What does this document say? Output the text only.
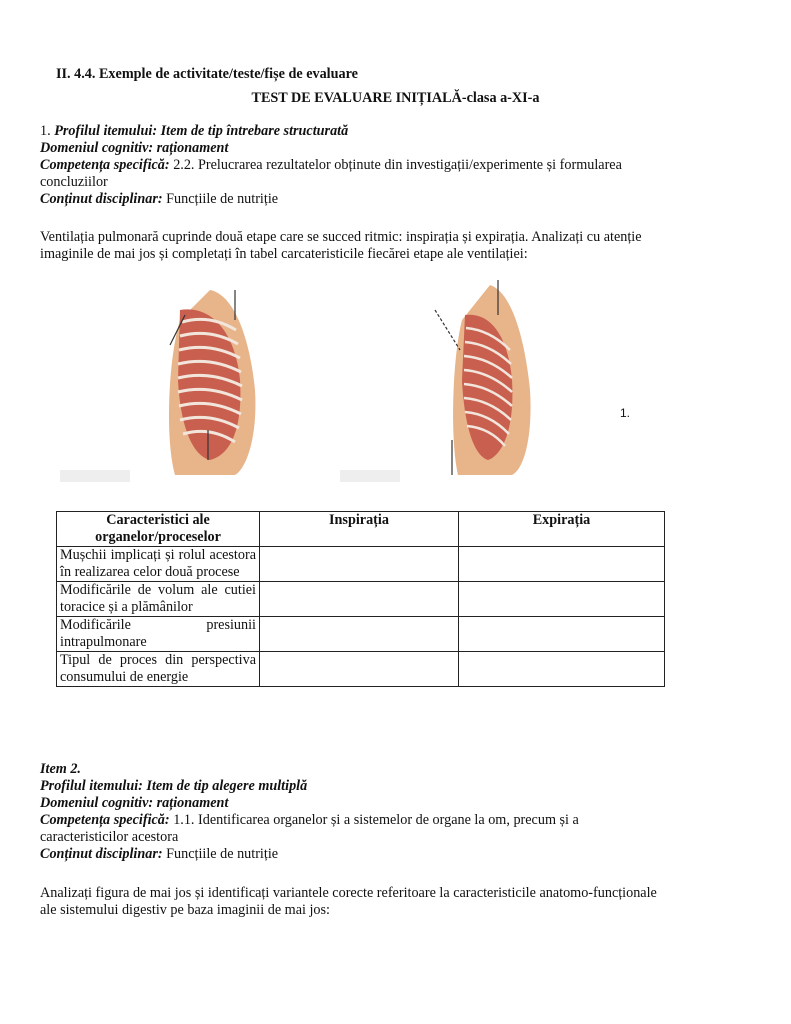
II. 4.4. Exemple de activitate/teste/fișe de evaluare
TEST DE EVALUARE INIȚIALĂ-clasa a-XI-a
1. Profilul itemului: Item de tip întrebare structurată
Domeniul cognitiv: raționament
Competența specifică: 2.2. Prelucrarea rezultatelor obținute din investigații/experimente și formularea
concluziilor
Conținut disciplinar: Funcțiile de nutriție
Ventilația pulmonară cuprinde două etape care se succed ritmic: inspirația și expirația. Analizați cu atenție
imaginile de mai jos și completați în tabel carcateristicile fiecărei etape ale ventilației:
1.
Caracteristici ale organelor/proceselor	Inspirația	Expirația
Mușchii implicați și rolul acestora în realizarea celor două procese		
Modificările de volum ale cutiei toracice și a plămânilor		
Modificările presiunii intrapulmonare		
Tipul de proces din perspectiva consumului de energie		
Item 2.
Profilul itemului: Item de tip alegere multiplă
Domeniul cognitiv: raționament
Competența specifică: 1.1. Identificarea organelor și a sistemelor de organe la om, precum și a
caracteristicilor acestora
Conținut disciplinar: Funcțiile de nutriție
Analizați figura de mai jos și identificați variantele corecte referitoare la caracteristicile anatomo-funcționale
ale sistemului digestiv pe baza imaginii de mai jos:
